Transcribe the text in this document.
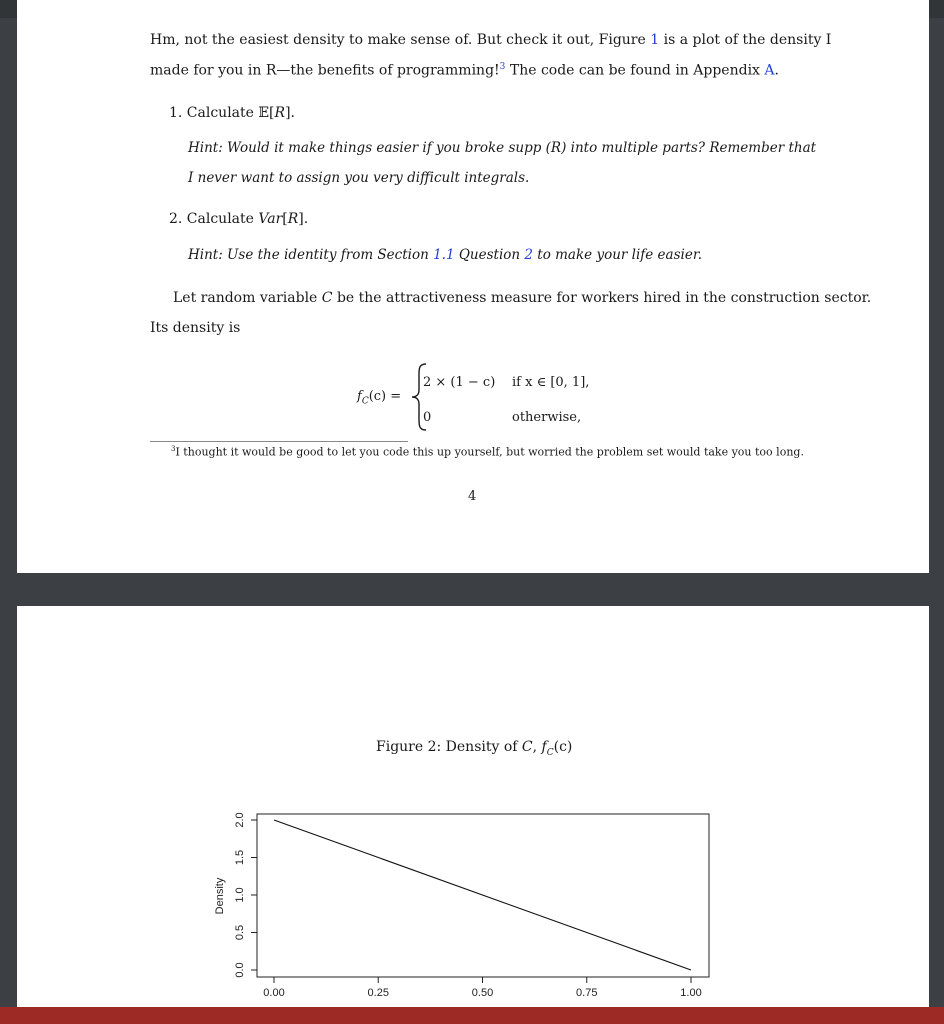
Hm, not the easiest density to make sense of. But check it out, Figure 1 is a plot of the density I
made for you in R—the benefits of programming!$^3$ The code can be found in Appendix A.
1. Calculate 𝔼[R].
Hint: Would it make things easier if you broke supp (R) into multiple parts? Remember that
I never want to assign you very difficult integrals.
2. Calculate Var[R].
Hint: Use the identity from Section 1.1 Question 2 to make your life easier.
Let random variable C be the attractiveness measure for workers hired in the construction sector.
Its density is
$f_C(c)$ =
2 × (1 − c) if x ∈ [0, 1],
0	otherwise,
$^3$I thought it would be good to let you code this up yourself, but worried the problem set would take you too long.
4
Figure 2: Density of C, $f_C(c)$
0.00	0.25	0.50	0.75	1.00
0.0
0.5
1.0
1.5
2.0
Density
